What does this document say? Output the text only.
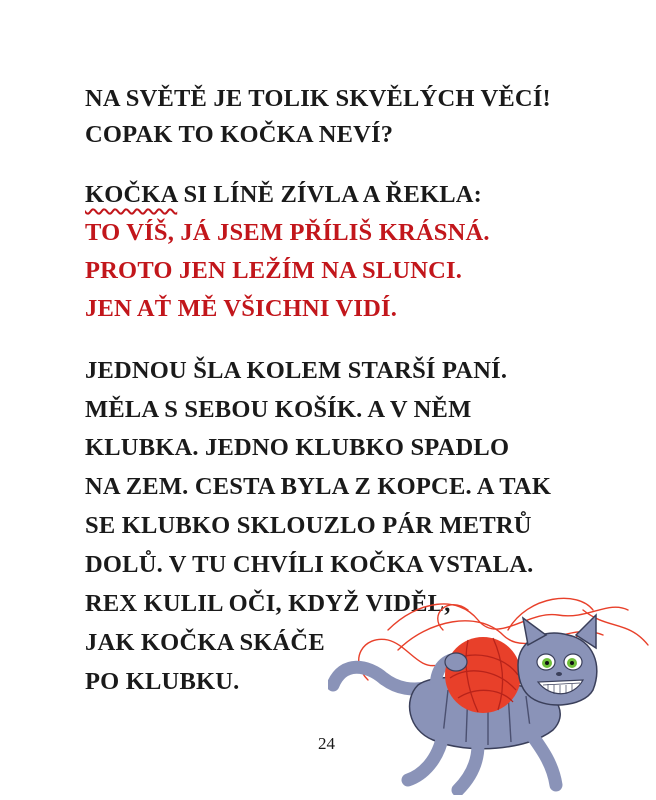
NA SVĚTĚ JE TOLIK SKVĚLÝCH VĚCÍ!
COPAK TO KOČKA NEVÍ?
KOČKA SI LÍNĚ ZÍVLA A ŘEKLA:
TO VÍŠ, JÁ JSEM PŘÍLIŠ KRÁSNÁ.
PROTO JEN LEŽÍM NA SLUNCI.
JEN AŤ MĚ VŠICHNI VIDÍ.
JEDNOU ŠLA KOLEM STARŠÍ PANÍ.
MĚLA S SEBOU KOŠÍK. A V NĚM
KLUBKA. JEDNO KLUBKO SPADLO
NA ZEM. CESTA BYLA Z KOPCE. A TAK
SE KLUBKO SKLOUZLO PÁR METRŮ
DOLŮ. V TU CHVÍLI KOČKA VSTALA.
REX KULIL OČI, KDYŽ VIDĚL,
JAK KOČKA SKÁČE
PO KLUBKU.
24
